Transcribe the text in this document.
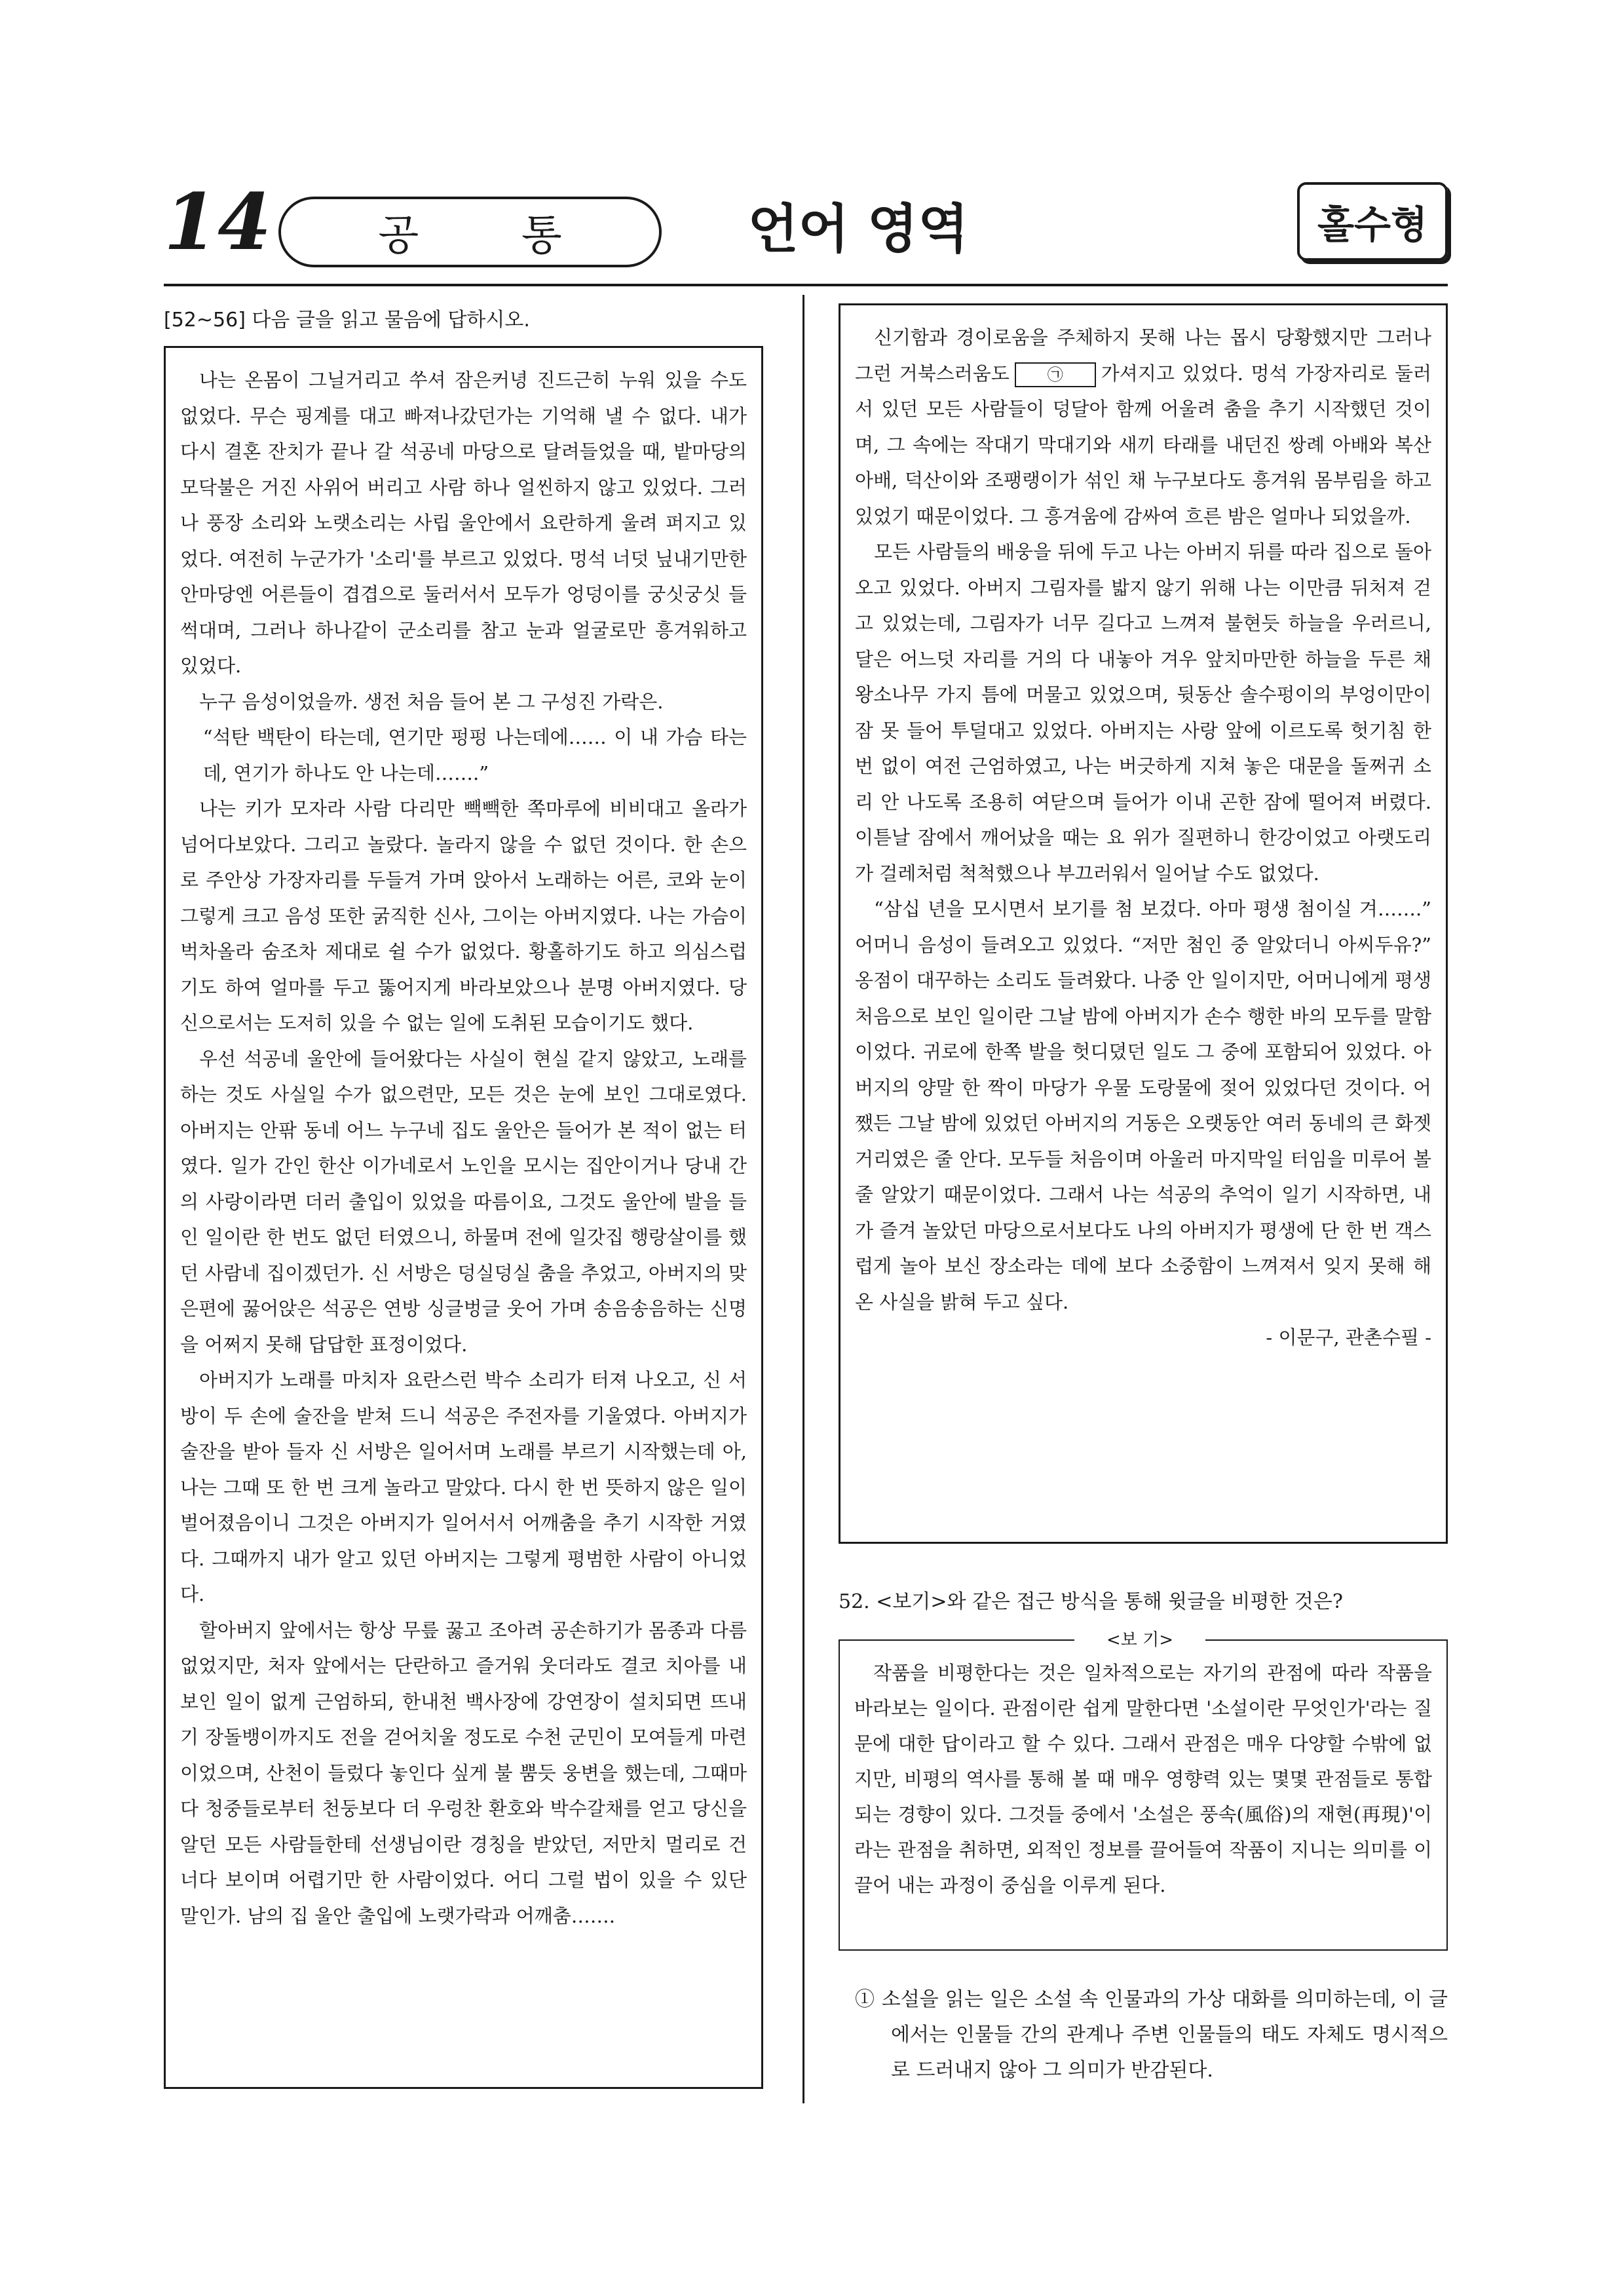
14	공 통	언어 영역	홀수형
[52~56] 다음 글을 읽고 물음에 답하시오.

나는 온몸이 그닐거리고 쑤셔 잠은커녕 진드근히 누워 있을 수도 없었다. 무슨 핑계를 대고 빠져나갔던가는 기억해 낼 수 없다. 내가 다시 결혼 잔치가 끝나 갈 석공네 마당으로 달려들었을 때, 밭마당의 모닥불은 거진 사위어 버리고 사람 하나 얼씬하지 않고 있었다. 그러나 풍장 소리와 노랫소리는 사립 울안에서 요란하게 울려 퍼지고 있었다. 여전히 누군가가 '소리'를 부르고 있었다. 멍석 너덧 닢내기만한 안마당엔 어른들이 겹겹으로 둘러서서 모두가 엉덩이를 궁싯궁싯 들썩대며, 그러나 하나같이 군소리를 참고 눈과 얼굴로만 흥겨워하고 있었다.

누구 음성이었을까. 생전 처음 들어 본 그 구성진 가락은.

“석탄 백탄이 타는데, 연기만 펑펑 나는데에…… 이 내 가슴 타는데, 연기가 하나도 안 나는데…….”

나는 키가 모자라 사람 다리만 빽빽한 쪽마루에 비비대고 올라가 넘어다보았다. 그리고 놀랐다. 놀라지 않을 수 없던 것이다. 한 손으로 주안상 가장자리를 두들겨 가며 앉아서 노래하는 어른, 코와 눈이 그렇게 크고 음성 또한 굵직한 신사, 그이는 아버지였다. 나는 가슴이 벅차올라 숨조차 제대로 쉴 수가 없었다. 황홀하기도 하고 의심스럽기도 하여 얼마를 두고 뚫어지게 바라보았으나 분명 아버지였다. 당신으로서는 도저히 있을 수 없는 일에 도취된 모습이기도 했다.

우선 석공네 울안에 들어왔다는 사실이 현실 같지 않았고, 노래를 하는 것도 사실일 수가 없으련만, 모든 것은 눈에 보인 그대로였다. 아버지는 안팎 동네 어느 누구네 집도 울안은 들어가 본 적이 없는 터였다. 일가 간인 한산 이가네로서 노인을 모시는 집안이거나 당내 간의 사랑이라면 더러 출입이 있었을 따름이요, 그것도 울안에 발을 들인 일이란 한 번도 없던 터였으니, 하물며 전에 일갓집 행랑살이를 했던 사람네 집이겠던가. 신 서방은 덩실덩실 춤을 추었고, 아버지의 맞은편에 꿇어앉은 석공은 연방 싱글벙글 웃어 가며 송음송음하는 신명을 어쩌지 못해 답답한 표정이었다.

아버지가 노래를 마치자 요란스런 박수 소리가 터져 나오고, 신 서방이 두 손에 술잔을 받쳐 드니 석공은 주전자를 기울였다. 아버지가 술잔을 받아 들자 신 서방은 일어서며 노래를 부르기 시작했는데 아, 나는 그때 또 한 번 크게 놀라고 말았다. 다시 한 번 뜻하지 않은 일이 벌어졌음이니 그것은 아버지가 일어서서 어깨춤을 추기 시작한 거였다. 그때까지 내가 알고 있던 아버지는 그렇게 평범한 사람이 아니었다.

할아버지 앞에서는 항상 무릎 꿇고 조아려 공손하기가 몸종과 다름없었지만, 처자 앞에서는 단란하고 즐거워 웃더라도 결코 치아를 내보인 일이 없게 근엄하되, 한내천 백사장에 강연장이 설치되면 뜨내기 장돌뱅이까지도 전을 걷어치울 정도로 수천 군민이 모여들게 마련이었으며, 산천이 들렀다 놓인다 싶게 불 뿜듯 웅변을 했는데, 그때마다 청중들로부터 천둥보다 더 우렁찬 환호와 박수갈채를 얻고 당신을 알던 모든 사람들한테 선생님이란 경칭을 받았던, 저만치 멀리로 건너다 보이며 어렵기만 한 사람이었다. 어디 그럴 법이 있을 수 있단 말인가. 남의 집 울안 출입에 노랫가락과 어깨춤…….

신기함과 경이로움을 주체하지 못해 나는 몹시 당황했지만 그러나 그런 거북스러움도 ㉠ 가셔지고 있었다. 멍석 가장자리로 둘러서 있던 모든 사람들이 덩달아 함께 어울려 춤을 추기 시작했던 것이며, 그 속에는 작대기 막대기와 새끼 타래를 내던진 쌍례 아배와 복산 아배, 덕산이와 조팽랭이가 섞인 채 누구보다도 흥겨워 몸부림을 하고 있었기 때문이었다. 그 흥겨움에 감싸여 흐른 밤은 얼마나 되었을까.

모든 사람들의 배웅을 뒤에 두고 나는 아버지 뒤를 따라 집으로 돌아오고 있었다. 아버지 그림자를 밟지 않기 위해 나는 이만큼 뒤처져 걷고 있었는데, 그림자가 너무 길다고 느껴져 불현듯 하늘을 우러르니, 달은 어느덧 자리를 거의 다 내놓아 겨우 앞치마만한 하늘을 두른 채 왕소나무 가지 틈에 머물고 있었으며, 뒷동산 솔수펑이의 부엉이만이 잠 못 들어 투덜대고 있었다. 아버지는 사랑 앞에 이르도록 헛기침 한 번 없이 여전 근엄하였고, 나는 버긋하게 지쳐 놓은 대문을 돌쩌귀 소리 안 나도록 조용히 여닫으며 들어가 이내 곤한 잠에 떨어져 버렸다. 이튿날 잠에서 깨어났을 때는 요 위가 질편하니 한강이었고 아랫도리가 걸레처럼 척척했으나 부끄러워서 일어날 수도 없었다.

“삼십 년을 모시면서 보기를 첨 보겄다. 아마 평생 첨이실 겨…….” 어머니 음성이 들려오고 있었다. “저만 첨인 중 알았더니 아씨두유?” 옹점이 대꾸하는 소리도 들려왔다. 나중 안 일이지만, 어머니에게 평생 처음으로 보인 일이란 그날 밤에 아버지가 손수 행한 바의 모두를 말함이었다. 귀로에 한쪽 발을 헛디뎠던 일도 그 중에 포함되어 있었다. 아버지의 양말 한 짝이 마당가 우물 도랑물에 젖어 있었다던 것이다. 어쨌든 그날 밤에 있었던 아버지의 거동은 오랫동안 여러 동네의 큰 화젯거리였은 줄 안다. 모두들 처음이며 아울러 마지막일 터임을 미루어 볼 줄 알았기 때문이었다. 그래서 나는 석공의 추억이 일기 시작하면, 내가 즐겨 놀았던 마당으로서보다도 나의 아버지가 평생에 단 한 번 객스럽게 놀아 보신 장소라는 데에 보다 소중함이 느껴져서 잊지 못해 해 온 사실을 밝혀 두고 싶다.

- 이문구, 관촌수필 -

52. <보기>와 같은 접근 방식을 통해 윗글을 비평한 것은?
<보 기>

작품을 비평한다는 것은 일차적으로는 자기의 관점에 따라 작품을 바라보는 일이다. 관점이란 쉽게 말한다면 '소설이란 무엇인가'라는 질문에 대한 답이라고 할 수 있다. 그래서 관점은 매우 다양할 수밖에 없지만, 비평의 역사를 통해 볼 때 매우 영향력 있는 몇몇 관점들로 통합되는 경향이 있다. 그것들 중에서 '소설은 풍속(風俗)의 재현(再現)'이라는 관점을 취하면, 외적인 정보를 끌어들여 작품이 지니는 의미를 이끌어 내는 과정이 중심을 이루게 된다.

① 소설을 읽는 일은 소설 속 인물과의 가상 대화를 의미하는데, 이 글에서는 인물들 간의 관계나 주변 인물들의 태도 자체도 명시적으로 드러내지 않아 그 의미가 반감된다.
